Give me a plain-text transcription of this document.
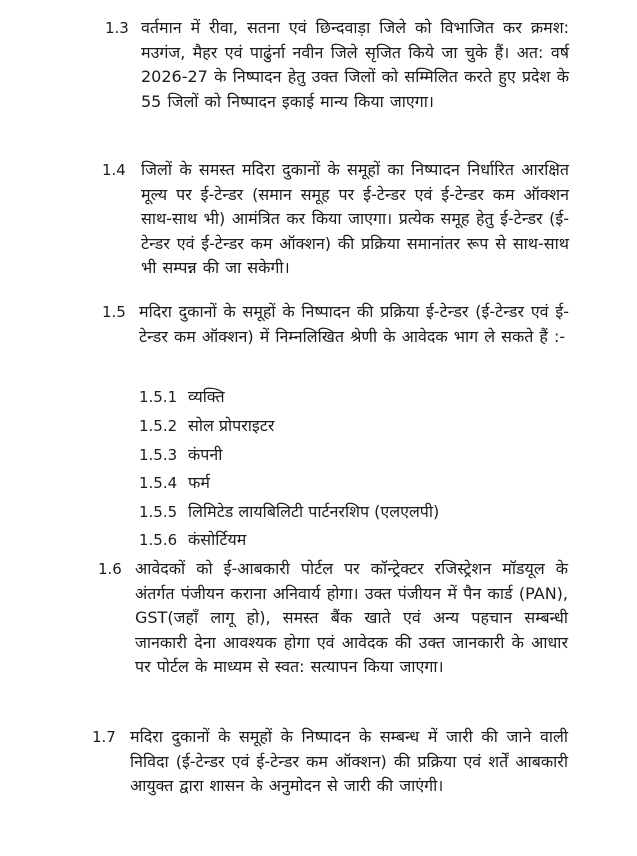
1.3 वर्तमान में रीवा, सतना एवं छिन्दवाड़ा जिले को विभाजित कर क्रमश: मउगंज, मैहर एवं पाढुंर्ना नवीन जिले सृजित किये जा चुके हैं। अत: वर्ष 2026-27 के निष्पादन हेतु उक्त जिलों को सम्मिलित करते हुए प्रदेश के 55 जिलों को निष्पादन इकाई मान्य किया जाएगा।
1.4 जिलों के समस्त मदिरा दुकानों के समूहों का निष्पादन निर्धारित आरक्षित मूल्य पर ई-टेन्डर (समान समूह पर ई-टेन्डर एवं ई-टेन्डर कम ऑक्शन साथ-साथ भी) आमंत्रित कर किया जाएगा। प्रत्येक समूह हेतु ई-टेन्डर (ई-टेन्डर एवं ई-टेन्डर कम ऑक्शन) की प्रक्रिया समानांतर रूप से साथ-साथ भी सम्पन्न की जा सकेगी।
1.5 मदिरा दुकानों के समूहों के निष्पादन की प्रक्रिया ई-टेन्डर (ई-टेन्डर एवं ई-टेन्डर कम ऑक्शन) में निम्नलिखित श्रेणी के आवेदक भाग ले सकते हैं :-
1.5.1 व्यक्ति
1.5.2 सोल प्रोपराइटर
1.5.3 कंपनी
1.5.4 फर्म
1.5.5 लिमिटेड लायबिलिटी पार्टनरशिप (एलएलपी)
1.5.6 कंसोर्टियम
1.6 आवेदकों को ई-आबकारी पोर्टल पर कॉन्ट्रेक्टर रजिस्ट्रेशन मॉडयूल के अंतर्गत पंजीयन कराना अनिवार्य होगा। उक्त पंजीयन में पैन कार्ड (PAN), GST(जहाँ लागू हो), समस्त बैंक खाते एवं अन्य पहचान सम्बन्धी जानकारी देना आवश्यक होगा एवं आवेदक की उक्त जानकारी के आधार पर पोर्टल के माध्यम से स्वत: सत्यापन किया जाएगा।
1.7 मदिरा दुकानों के समूहों के निष्पादन के सम्बन्ध में जारी की जाने वाली निविदा (ई-टेन्डर एवं ई-टेन्डर कम ऑक्शन) की प्रक्रिया एवं शर्तें आबकारी आयुक्त द्वारा शासन के अनुमोदन से जारी की जाएंगी।
